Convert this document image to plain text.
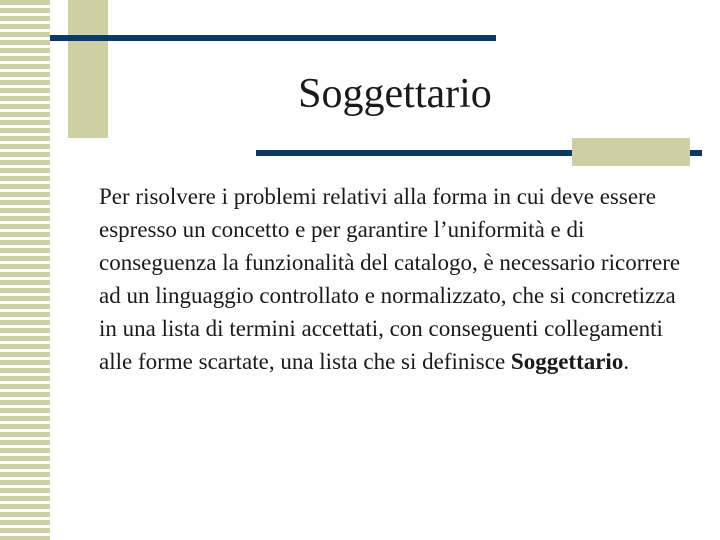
Soggettario

Per risolvere i problemi relativi alla forma in cui deve essere espresso un concetto e per garantire l’uniformità e di conseguenza la funzionalità del catalogo, è necessario ricorrere ad un linguaggio controllato e normalizzato, che si concretizza in una lista di termini accettati, con conseguenti collegamenti alle forme scartate, una lista che si definisce Soggettario.
